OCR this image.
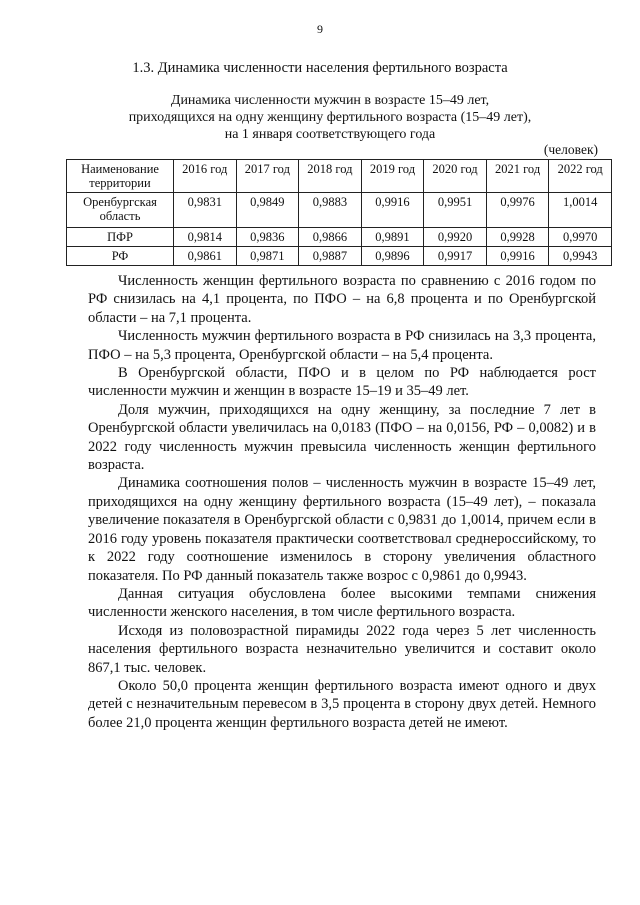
9
1.3. Динамика численности населения фертильного возраста
Динамика численности мужчин в возрасте 15–49 лет,
приходящихся на одну женщину фертильного возраста (15–49 лет),
на 1 января соответствующего года
(человек)
Наименование территории	2016 год	2017 год	2018 год	2019 год	2020 год	2021 год	2022 год
Оренбургская область	0,9831	0,9849	0,9883	0,9916	0,9951	0,9976	1,0014
ПФР	0,9814	0,9836	0,9866	0,9891	0,9920	0,9928	0,9970
РФ	0,9861	0,9871	0,9887	0,9896	0,9917	0,9916	0,9943

Численность женщин фертильного возраста по сравнению с 2016 годом по РФ снизилась на 4,1 процента, по ПФО – на 6,8 процента и по Оренбургской области – на 7,1 процента.

Численность мужчин фертильного возраста в РФ снизилась на 3,3 процента, ПФО – на 5,3 процента, Оренбургской области – на 5,4 процента.

В Оренбургской области, ПФО и в целом по РФ наблюдается рост численности мужчин и женщин в возрасте 15–19 и 35–49 лет.

Доля мужчин, приходящихся на одну женщину, за последние 7 лет в Оренбургской области увеличилась на 0,0183 (ПФО – на 0,0156, РФ – 0,0082) и в 2022 году численность мужчин превысила численность женщин фертильного возраста.

Динамика соотношения полов – численность мужчин в возрасте 15–49 лет, приходящихся на одну женщину фертильного возраста (15–49 лет), – показала увеличение показателя в Оренбургской области с 0,9831 до 1,0014, причем если в 2016 году уровень показателя практически соответствовал среднероссийскому, то к 2022 году соотношение изменилось в сторону увеличения областного показателя. По РФ данный показатель также возрос с 0,9861 до 0,9943.

Данная ситуация обусловлена более высокими темпами снижения численности женского населения, в том числе фертильного возраста.

Исходя из половозрастной пирамиды 2022 года через 5 лет численность населения фертильного возраста незначительно увеличится и составит около 867,1 тыс. человек.

Около 50,0 процента женщин фертильного возраста имеют одного и двух детей с незначительным перевесом в 3,5 процента в сторону двух детей. Немного более 21,0 процента женщин фертильного возраста детей не имеют.
